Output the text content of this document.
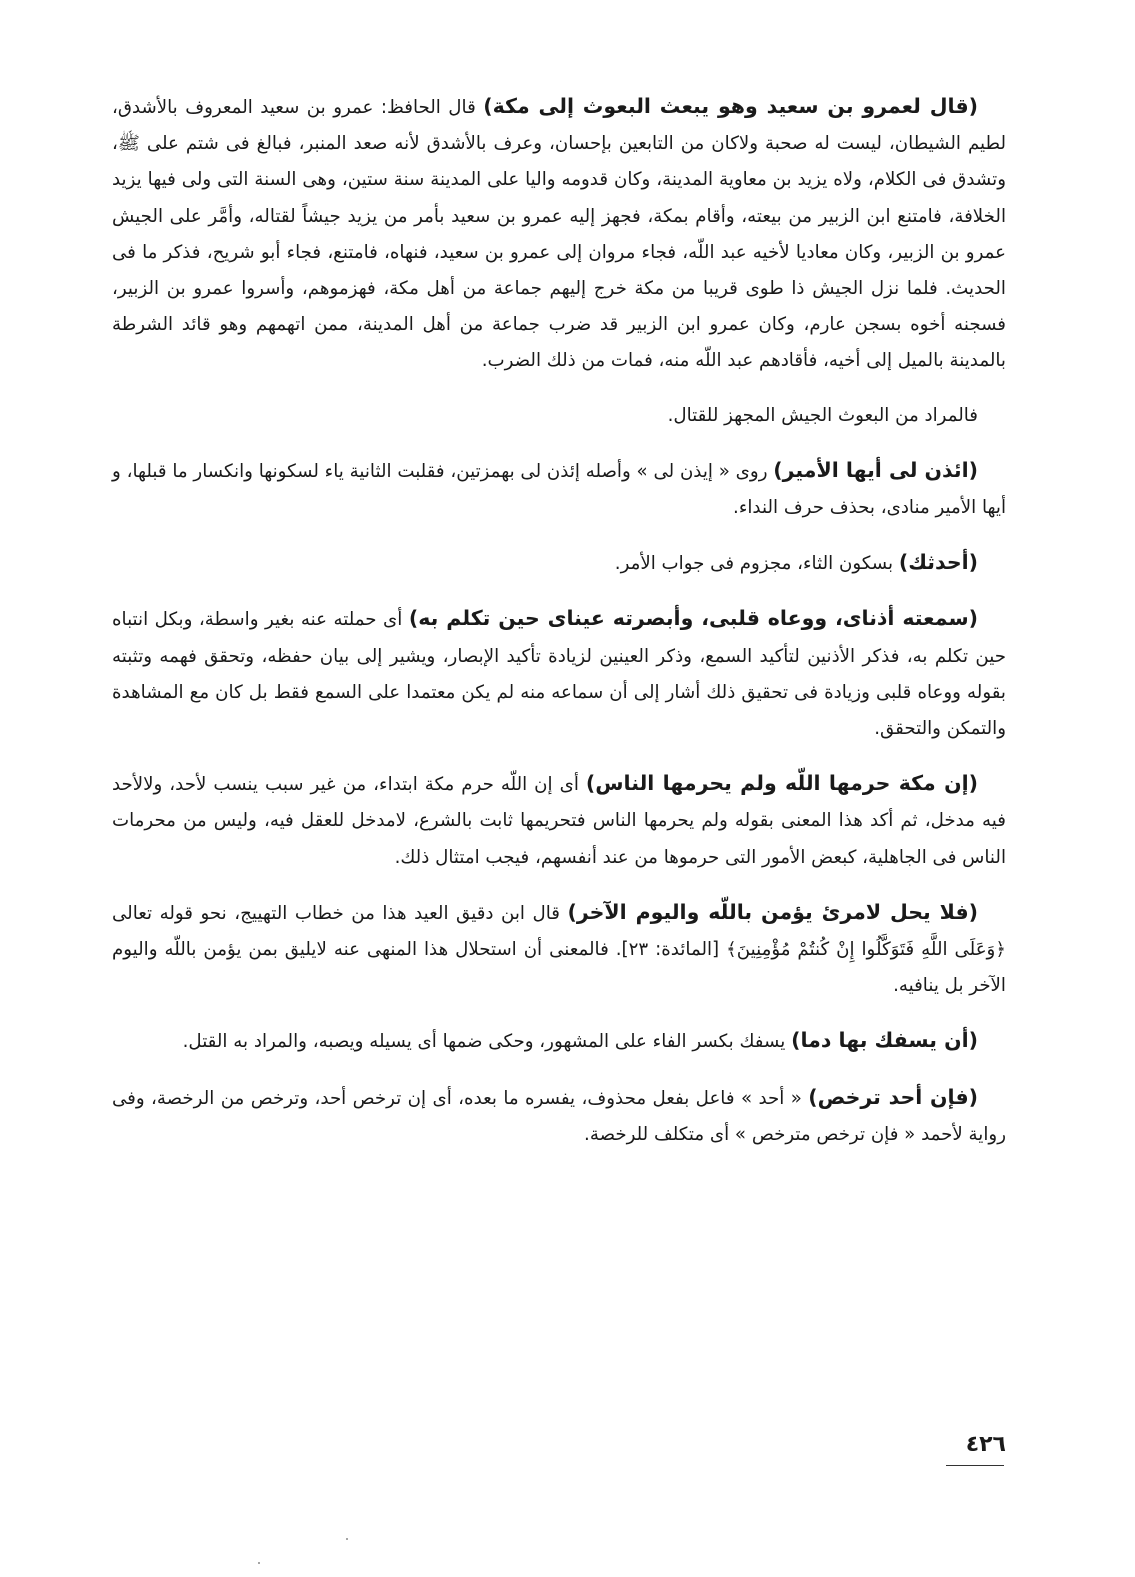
(قال لعمرو بن سعيد وهو يبعث البعوث إلى مكة) قال الحافظ: عمرو بن سعيد المعروف بالأشدق، لطيم الشيطان، ليست له صحبة ولاكان من التابعين بإحسان، وعرف بالأشدق لأنه صعد المنبر، فبالغ فى شتم على ﷺ، وتشدق فى الكلام، ولاه يزيد بن معاوية المدينة، وكان قدومه واليا على المدينة سنة ستين، وهى السنة التى ولى فيها يزيد الخلافة، فامتنع ابن الزبير من بيعته، وأقام بمكة، فجهز إليه عمرو بن سعيد بأمر من يزيد جيشاً لقتاله، وأمَّر على الجيش عمرو بن الزبير، وكان معاديا لأخيه عبد اللّه، فجاء مروان إلى عمرو بن سعيد، فنهاه، فامتنع، فجاء أبو شريح، فذكر ما فى الحديث. فلما نزل الجيش ذا طوى قريبا من مكة خرج إليهم جماعة من أهل مكة، فهزموهم، وأسروا عمرو بن الزبير، فسجنه أخوه بسجن عارم، وكان عمرو ابن الزبير قد ضرب جماعة من أهل المدينة، ممن اتهمهم وهو قائد الشرطة بالمدينة بالميل إلى أخيه، فأقادهم عبد اللّه منه، فمات من ذلك الضرب.

فالمراد من البعوث الجيش المجهز للقتال.

(ائذن لى أيها الأمير) روى « إيذن لى » وأصله إئذن لى بهمزتين، فقلبت الثانية ياء لسكونها وانكسار ما قبلها، و أيها الأمير منادى، بحذف حرف النداء.

(أحدثك) بسكون الثاء، مجزوم فى جواب الأمر.

(سمعته أذناى، ووعاه قلبى، وأبصرته عيناى حين تكلم به) أى حملته عنه بغير واسطة، وبكل انتباه حين تكلم به، فذكر الأذنين لتأكيد السمع، وذكر العينين لزيادة تأكيد الإبصار، ويشير إلى بيان حفظه، وتحقق فهمه وتثبته بقوله ووعاه قلبى وزيادة فى تحقيق ذلك أشار إلى أن سماعه منه لم يكن معتمدا على السمع فقط بل كان مع المشاهدة والتمكن والتحقق.

(إن مكة حرمها اللّه ولم يحرمها الناس) أى إن اللّه حرم مكة ابتداء، من غير سبب ينسب لأحد، ولالأحد فيه مدخل، ثم أكد هذا المعنى بقوله ولم يحرمها الناس فتحريمها ثابت بالشرع، لامدخل للعقل فيه، وليس من محرمات الناس فى الجاهلية، كبعض الأمور التى حرموها من عند أنفسهم، فيجب امتثال ذلك.

(فلا يحل لامرئ يؤمن باللّه واليوم الآخر) قال ابن دقيق العيد هذا من خطاب التهييج، نحو قوله تعالى ﴿وَعَلَى اللَّهِ فَتَوَكَّلُوا إِنْ كُنتُمْ مُؤْمِنِينَ﴾ [المائدة: ٢٣]. فالمعنى أن استحلال هذا المنهى عنه لايليق بمن يؤمن باللّه واليوم الآخر بل ينافيه.

(أن يسفك بها دما) يسفك بكسر الفاء على المشهور، وحكى ضمها أى يسيله ويصبه، والمراد به القتل.

(فإن أحد ترخص) « أحد » فاعل بفعل محذوف، يفسره ما بعده، أى إن ترخص أحد، وترخص من الرخصة، وفى رواية لأحمد « فإن ترخص مترخص » أى متكلف للرخصة.

٤٢٦
